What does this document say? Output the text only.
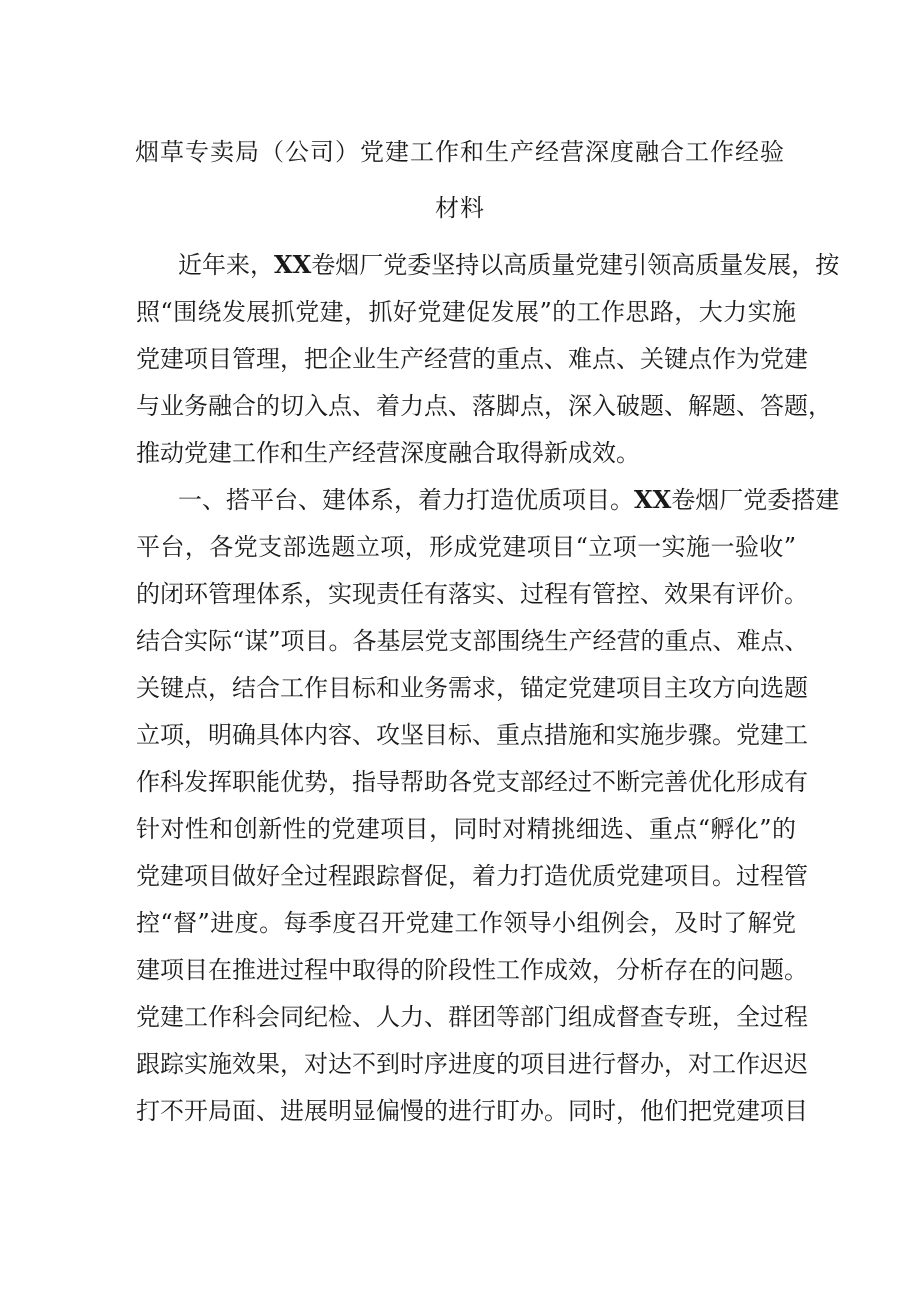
烟草专卖局（公司）党建工作和生产经营深度融合工作经验
材料
近年来，XX卷烟厂党委坚持以高质量党建引领高质量发展，按
照“围绕发展抓党建，抓好党建促发展”的工作思路，大力实施
党建项目管理，把企业生产经营的重点、难点、关键点作为党建
与业务融合的切入点、着力点、落脚点，深入破题、解题、答题，
推动党建工作和生产经营深度融合取得新成效。
一、搭平台、建体系，着力打造优质项目。XX卷烟厂党委搭建
平台，各党支部选题立项，形成党建项目“立项一实施一验收”
的闭环管理体系，实现责任有落实、过程有管控、效果有评价。
结合实际“谋”项目。各基层党支部围绕生产经营的重点、难点、
关键点，结合工作目标和业务需求，锚定党建项目主攻方向选题
立项，明确具体内容、攻坚目标、重点措施和实施步骤。党建工
作科发挥职能优势，指导帮助各党支部经过不断完善优化形成有
针对性和创新性的党建项目，同时对精挑细选、重点“孵化”的
党建项目做好全过程跟踪督促，着力打造优质党建项目。过程管
控“督”进度。每季度召开党建工作领导小组例会，及时了解党
建项目在推进过程中取得的阶段性工作成效，分析存在的问题。
党建工作科会同纪检、人力、群团等部门组成督查专班，全过程
跟踪实施效果，对达不到时序进度的项目进行督办，对工作迟迟
打不开局面、进展明显偏慢的进行盯办。同时，他们把党建项目
